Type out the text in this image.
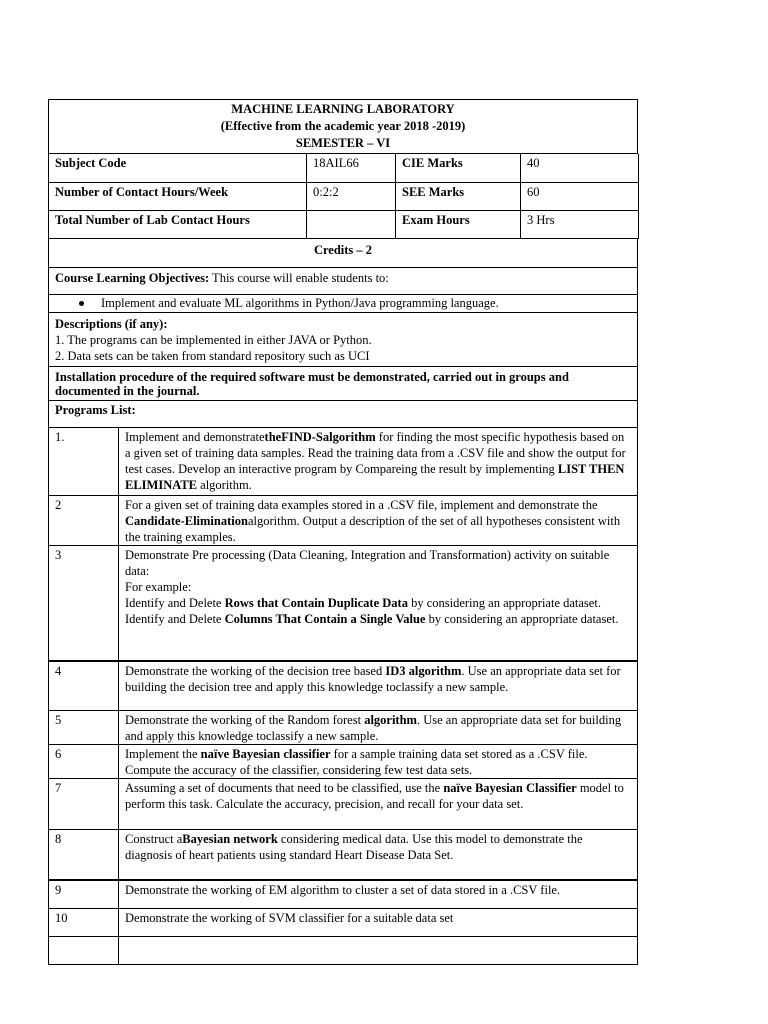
MACHINE LEARNING LABORATORY
(Effective from the academic year 2018 -2019)
SEMESTER – VI
Subject Code	18AIL66	CIE Marks	40
Number of Contact Hours/Week	0:2:2	SEE Marks	60
Total Number of Lab Contact Hours		Exam Hours	3 Hrs
Credits – 2
Course Learning Objectives: This course will enable students to:
Implement and evaluate ML algorithms in Python/Java programming language.
Descriptions (if any):
1. The programs can be implemented in either JAVA or Python.
2. Data sets can be taken from standard repository such as UCI
Installation procedure of the required software must be demonstrated, carried out in groups and documented in the journal.
Programs List:
1.	Implement and demonstratetheFIND-Salgorithm for finding the most specific hypothesis based on a given set of training data samples. Read the training data from a .CSV file and show the output for test cases. Develop an interactive program by Compareing the result by implementing LIST THEN ELIMINATE algorithm.
2	For a given set of training data examples stored in a .CSV file, implement and demonstrate the Candidate-Eliminationalgorithm. Output a description of the set of all hypotheses consistent with the training examples.
3	Demonstrate Pre processing (Data Cleaning, Integration and Transformation) activity on suitable data:
For example:
Identify and Delete Rows that Contain Duplicate Data by considering an appropriate dataset.
Identify and Delete Columns That Contain a Single Value by considering an appropriate dataset.

4	Demonstrate the working of the decision tree based ID3 algorithm. Use an appropriate data set for building the decision tree and apply this knowledge toclassify a new sample.
5	Demonstrate the working of the Random forest algorithm. Use an appropriate data set for building and apply this knowledge toclassify a new sample.
6	Implement the naïve Bayesian classifier for a sample training data set stored as a .CSV file. Compute the accuracy of the classifier, considering few test data sets.
7	Assuming a set of documents that need to be classified, use the naïve Bayesian Classifier model to perform this task. Calculate the accuracy, precision, and recall for your data set.
8	Construct aBayesian network considering medical data. Use this model to demonstrate the diagnosis of heart patients using standard Heart Disease Data Set.
9	Demonstrate the working of EM algorithm to cluster a set of data stored in a .CSV file.
10	Demonstrate the working of SVM classifier for a suitable data set
